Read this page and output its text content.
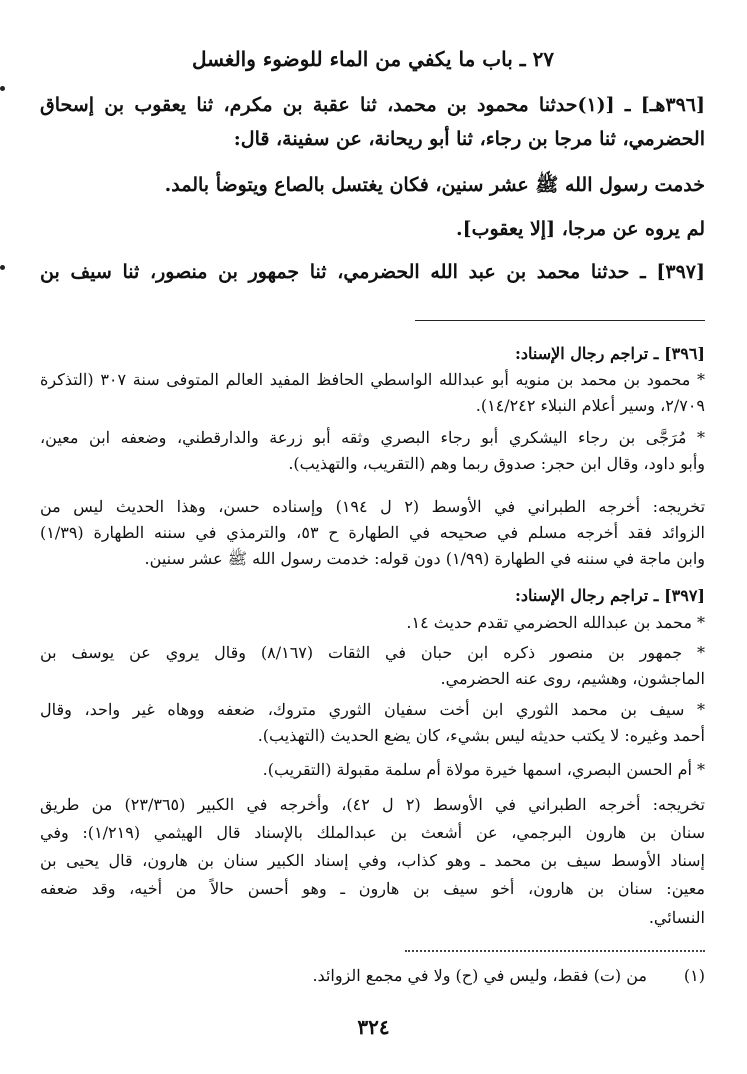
٢٧ ـ باب ما يكفي من الماء للوضوء والغسل
[٣٩٦هـ] ـ [(١)حدثنا محمود بن محمد، ثنا عقبة بن مكرم، ثنا يعقوب بن إسحاق
الحضرمي، ثنا مرجا بن رجاء، ثنا أبو ريحانة، عن سفينة، قال:
خدمت رسول الله ﷺ عشر سنين، فكان يغتسل بالصاع ويتوضأ بالمد.
لم يروه عن مرجا، [إلا يعقوب].
[٣٩٧] ـ حدثنا محمد بن عبد الله الحضرمي، ثنا جمهور بن منصور، ثنا سيف بن
[٣٩٦] ـ تراجم رجال الإسناد:
* محمود بن محمد بن منويه أبو عبدالله الواسطي الحافظ المفيد العالم المتوفى سنة ٣٠٧ (التذكرة
٢/٧٠٩، وسير أعلام النبلاء ١٤/٢٤٢).
* مُرَجَّى بن رجاء اليشكري أبو رجاء البصري وثقه أبو زرعة والدارقطني، وضعفه ابن معين،
وأبو داود، وقال ابن حجر: صدوق ربما وهم (التقريب، والتهذيب).
تخريجه: أخرجه الطبراني في الأوسط (٢ ل ١٩٤) وإسناده حسن، وهذا الحديث ليس من
الزوائد فقد أخرجه مسلم في صحيحه في الطهارة ح ٥٣، والترمذي في سننه الطهارة (١/٣٩)
وابن ماجة في سننه في الطهارة (١/٩٩) دون قوله: خدمت رسول الله ﷺ عشر سنين.
[٣٩٧] ـ تراجم رجال الإسناد:
* محمد بن عبدالله الحضرمي تقدم حديث ١٤.
* جمهور بن منصور ذكره ابن حبان في الثقات (٨/١٦٧) وقال يروي عن يوسف بن
الماجشون، وهشيم، روى عنه الحضرمي.
* سيف بن محمد الثوري ابن أخت سفيان الثوري متروك، ضعفه ووهاه غير واحد، وقال
أحمد وغيره: لا يكتب حديثه ليس بشيء، كان يضع الحديث (التهذيب).
* أم الحسن البصري، اسمها خيرة مولاة أم سلمة مقبولة (التقريب).
تخريجه: أخرجه الطبراني في الأوسط (٢ ل ٤٢)، وأخرجه في الكبير (٢٣/٣٦٥) من طريق
سنان بن هارون البرجمي، عن أشعث بن عبدالملك بالإسناد قال الهيثمي (١/٢١٩): وفي
إسناد الأوسط سيف بن محمد ـ وهو كذاب، وفي إسناد الكبير سنان بن هارون، قال يحيى بن
معين: سنان بن هارون، أخو سيف بن هارون ـ وهو أحسن حالاً من أخيه، وقد ضعفه
النسائي.
(١)
من (ت) فقط، وليس في (ح) ولا في مجمع الزوائد.
٣٢٤
